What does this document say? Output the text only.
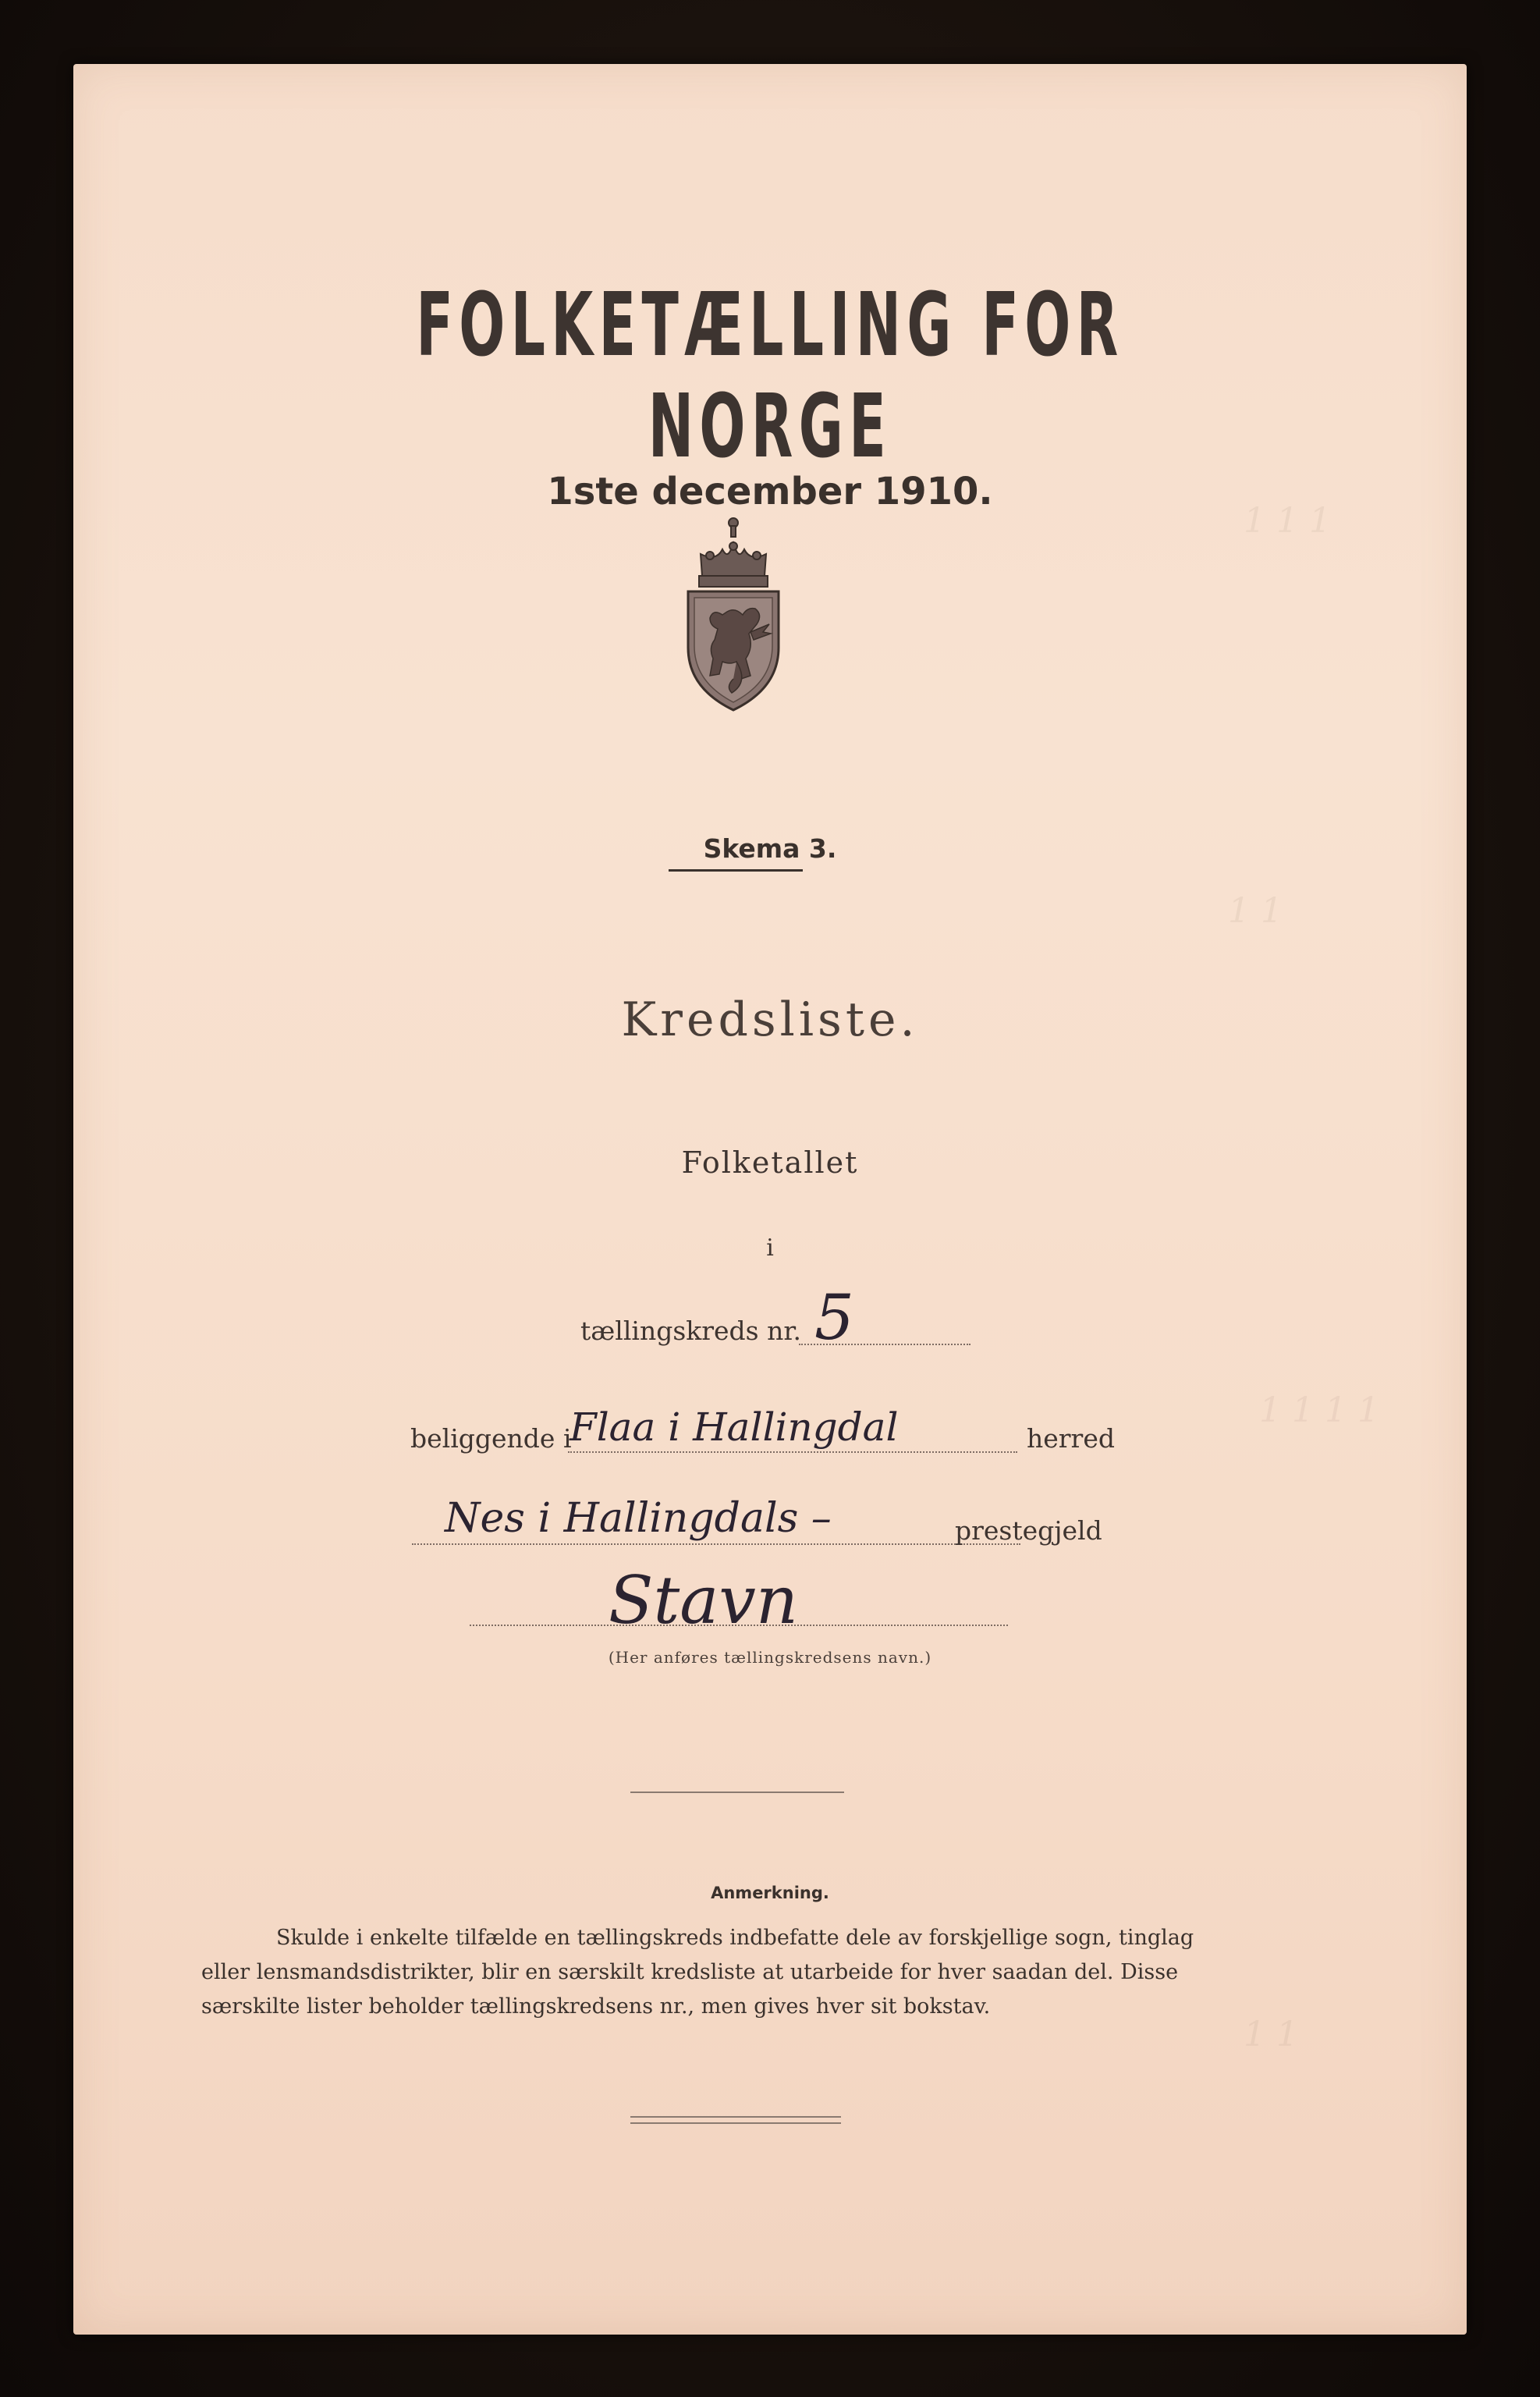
1 1 1
1 1
1 1 1 1
1 1
FOLKETÆLLING FOR NORGE
1ste december 1910.
Skema 3.
Kredsliste.
Folketallet
i
tællingskreds nr. 5
beliggende i
Flaa i Hallingdal	herred
Nes i Hallingdals –	prestegjeld
Stavn
(Her anføres tællingskredsens navn.)
Anmerkning.

Skulde i enkelte tilfælde en tællingskreds indbefatte dele av forskjellige sogn, tinglag

eller lensmandsdistrikter, blir en særskilt kredsliste at utarbeide for hver saadan del. Disse

særskilte lister beholder tællingskredsens nr., men gives hver sit bokstav.
